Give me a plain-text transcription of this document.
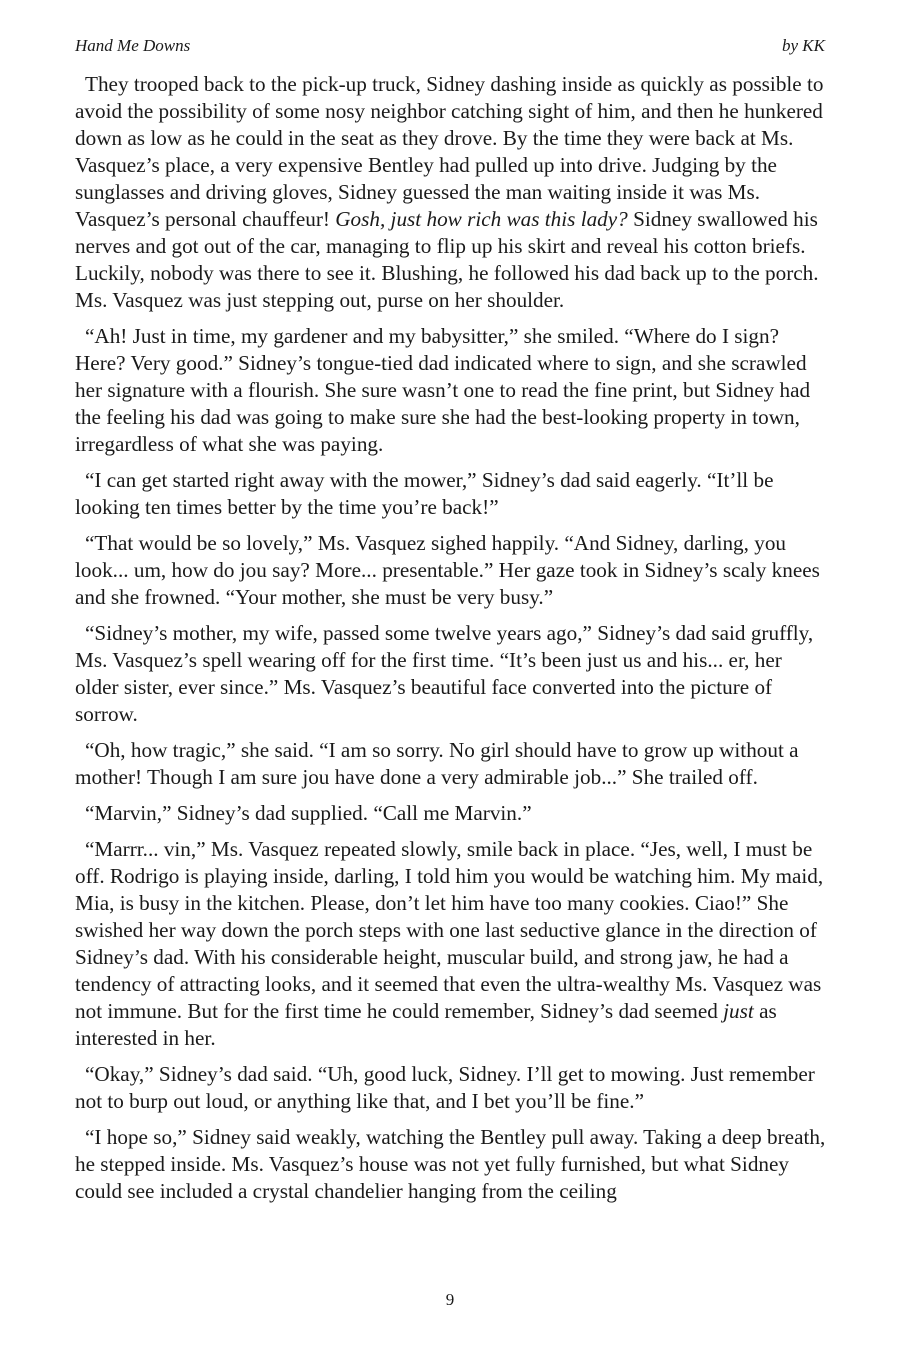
Hand Me Downs	by KK

They trooped back to the pick-up truck, Sidney dashing inside as quickly as possible to avoid the possibility of some nosy neighbor catching sight of him, and then he hunkered down as low as he could in the seat as they drove. By the time they were back at Ms. Vasquez’s place, a very expensive Bentley had pulled up into drive. Judging by the sunglasses and driving gloves, Sidney guessed the man waiting inside it was Ms. Vasquez’s personal chauffeur! Gosh, just how rich was this lady? Sidney swallowed his nerves and got out of the car, managing to flip up his skirt and reveal his cotton briefs. Luckily, nobody was there to see it. Blushing, he followed his dad back up to the porch. Ms. Vasquez was just stepping out, purse on her shoulder.

“Ah! Just in time, my gardener and my babysitter,” she smiled. “Where do I sign? Here? Very good.” Sidney’s tongue-tied dad indicated where to sign, and she scrawled her signature with a flourish. She sure wasn’t one to read the fine print, but Sidney had the feeling his dad was going to make sure she had the best-looking property in town, irregardless of what she was paying.

“I can get started right away with the mower,” Sidney’s dad said eagerly. “It’ll be looking ten times better by the time you’re back!”

“That would be so lovely,” Ms. Vasquez sighed happily. “And Sidney, darling, you look... um, how do jou say? More... presentable.” Her gaze took in Sidney’s scaly knees and she frowned. “Your mother, she must be very busy.”

“Sidney’s mother, my wife, passed some twelve years ago,” Sidney’s dad said gruffly, Ms. Vasquez’s spell wearing off for the first time. “It’s been just us and his... er, her older sister, ever since.” Ms. Vasquez’s beautiful face converted into the picture of sorrow.

“Oh, how tragic,” she said. “I am so sorry. No girl should have to grow up without a mother! Though I am sure jou have done a very admirable job...” She trailed off.

“Marvin,” Sidney’s dad supplied. “Call me Marvin.”

“Marrr... vin,” Ms. Vasquez repeated slowly, smile back in place. “Jes, well, I must be off. Rodrigo is playing inside, darling, I told him you would be watching him. My maid, Mia, is busy in the kitchen. Please, don’t let him have too many cookies. Ciao!” She swished her way down the porch steps with one last seductive glance in the direction of Sidney’s dad. With his considerable height, muscular build, and strong jaw, he had a tendency of attracting looks, and it seemed that even the ultra-wealthy Ms. Vasquez was not immune. But for the first time he could remember, Sidney’s dad seemed just as interested in her.

“Okay,” Sidney’s dad said. “Uh, good luck, Sidney. I’ll get to mowing. Just remember not to burp out loud, or anything like that, and I bet you’ll be fine.”

“I hope so,” Sidney said weakly, watching the Bentley pull away. Taking a deep breath, he stepped inside. Ms. Vasquez’s house was not yet fully furnished, but what Sidney could see included a crystal chandelier hanging from the ceiling

9
